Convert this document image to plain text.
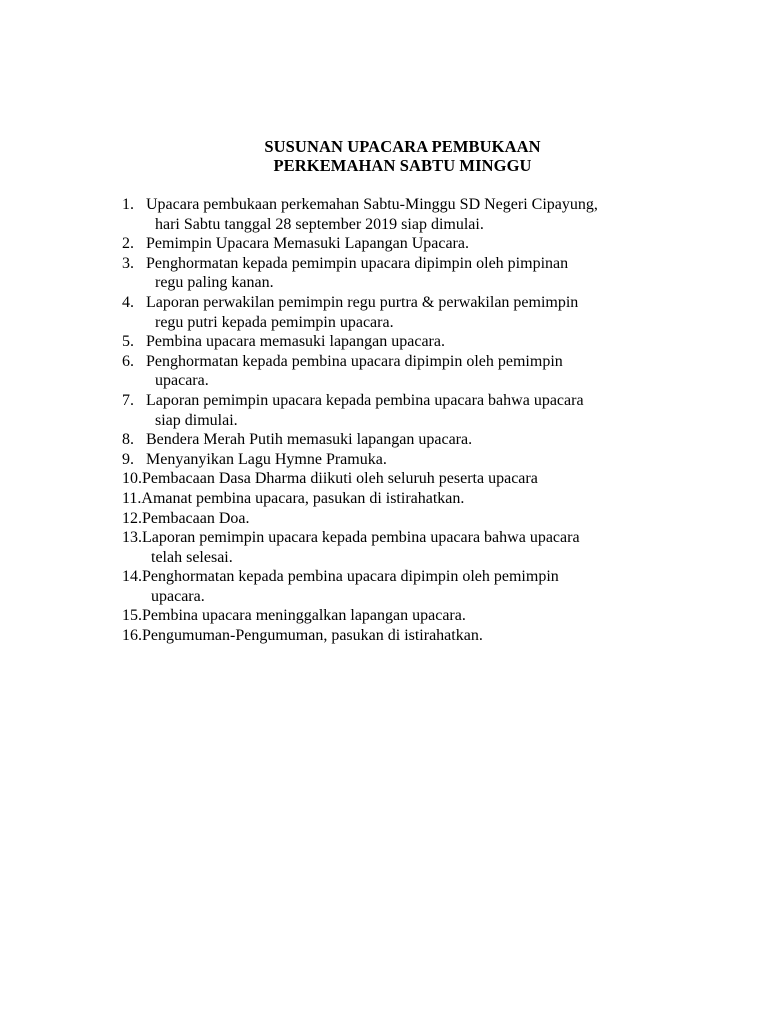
SUSUNAN UPACARA PEMBUKAAN
PERKEMAHAN SABTU MINGGU
1. Upacara pembukaan perkemahan Sabtu-Minggu SD Negeri Cipayung,
hari Sabtu tanggal 28 september 2019 siap dimulai.
2. Pemimpin Upacara Memasuki Lapangan Upacara.
3. Penghormatan kepada pemimpin upacara dipimpin oleh pimpinan
regu paling kanan.
4. Laporan perwakilan pemimpin regu purtra & perwakilan pemimpin
regu putri kepada pemimpin upacara.
5. Pembina upacara memasuki lapangan upacara.
6. Penghormatan kepada pembina upacara dipimpin oleh pemimpin
upacara.
7. Laporan pemimpin upacara kepada pembina upacara bahwa upacara
siap dimulai.
8. Bendera Merah Putih memasuki lapangan upacara.
9. Menyanyikan Lagu Hymne Pramuka.
10. Pembacaan Dasa Dharma diikuti oleh seluruh peserta upacara
11. Amanat pembina upacara, pasukan di istirahatkan.
12. Pembacaan Doa.
13. Laporan pemimpin upacara kepada pembina upacara bahwa upacara
telah selesai.
14. Penghormatan kepada pembina upacara dipimpin oleh pemimpin
upacara.
15. Pembina upacara meninggalkan lapangan upacara.
16. Pengumuman-Pengumuman, pasukan di istirahatkan.
